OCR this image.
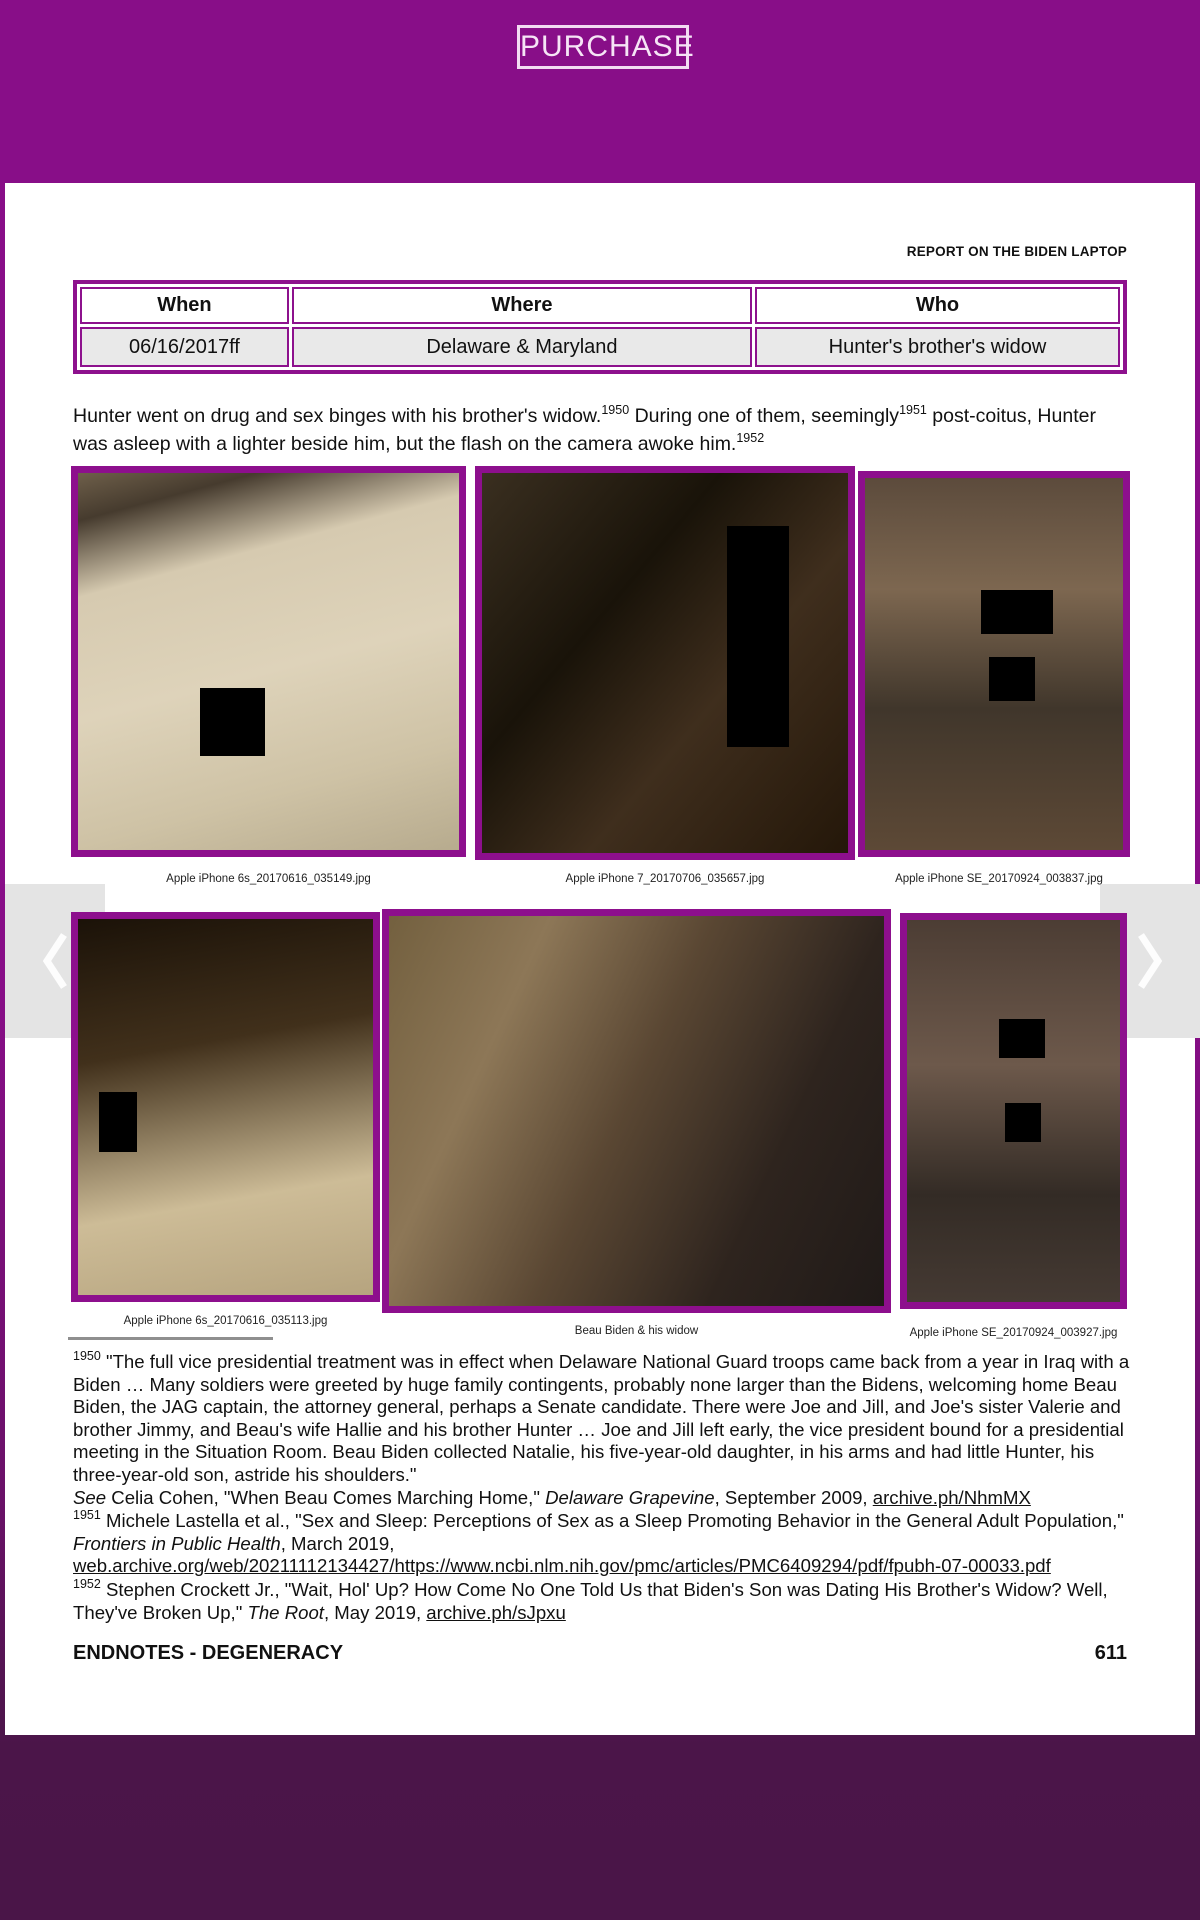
PURCHASE
REPORT ON THE BIDEN LAPTOP
When	Where	Who
06/16/2017ff	Delaware & Maryland	Hunter's brother's widow

Hunter went on drug and sex binges with his brother's widow.$^{1950}$ During one of them, seemingly$^{1951}$ post-coitus, Hunter was asleep with a lighter beside him, but the flash on the camera awoke him.$^{1952}$

Apple iPhone 6s_20170616_035149.jpg	Apple iPhone 7_20170706_035657.jpg	Apple iPhone SE_20170924_003837.jpg
Apple iPhone 6s_20170616_035113.jpg
Beau Biden & his widow	Apple iPhone SE_20170924_003927.jpg
$^{1950}$ "The full vice presidential treatment was in effect when Delaware National Guard troops came back from a year in Iraq with a Biden … Many soldiers were greeted by huge family contingents, probably none larger than the Bidens, welcoming home Beau Biden, the JAG captain, the attorney general, perhaps a Senate candidate. There were Joe and Jill, and Joe's sister Valerie and brother Jimmy, and Beau's wife Hallie and his brother Hunter … Joe and Jill left early, the vice president bound for a presidential meeting in the Situation Room. Beau Biden collected Natalie, his five-year-old daughter, in his arms and had little Hunter, his three-year-old son, astride his shoulders."
See Celia Cohen, "When Beau Comes Marching Home," Delaware Grapevine, September 2009, archive.ph/NhmMX
$^{1951}$ Michele Lastella et al., "Sex and Sleep: Perceptions of Sex as a Sleep Promoting Behavior in the General Adult Population," Frontiers in Public Health, March 2019,
web.archive.org/web/20211112134427/https://www.ncbi.nlm.nih.gov/pmc/articles/PMC6409294/pdf/fpubh-07-00033.pdf
$^{1952}$ Stephen Crockett Jr., "Wait, Hol' Up? How Come No One Told Us that Biden's Son was Dating His Brother's Widow? Well, They've Broken Up," The Root, May 2019, archive.ph/sJpxu
ENDNOTES - DEGENERACY	611
